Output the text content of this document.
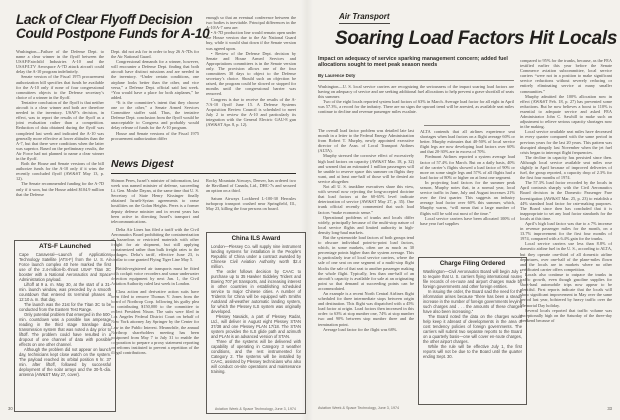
Lack of Clear Flyoff Decision
Could Postpone Funds for A-10

Washington—Failure of the Defense Dept. to name a clear winner in the flyoff between the USAF/Fairchild Industries A-10 and the USAF/LTV Aerospace A-7D attack aircraft could delay the A-10 program indefinitely.

Senate version of the Fiscal 1975 procurement authorization bill specifies that funds be available for the A-10 only if none of four congressional committees objects to the Defense secretary’s choice of a winner in the flyoff.

Tentative conclusion of the flyoff is that neither aircraft is a clear winner and both are therefore needed in the inventory. USAF’s decision, in effect, was to report the results of the flyoff as a joint evaluation rather than a competition. Reduction of data obtained during the flyoff was completed last week and indicated the A-10 was generally more effective at lower altitudes than the A-7, but that there were conditions when the latter was superior. Based on the preliminary results, the Air Force had not planned to name a clear winner in the flyoff.

Both the House and Senate versions of the bill authorize funds for the A-10 only if it wins the recently concluded flyoff (AW&ST May 13, p. 12).

The Senate recommended funding for the A-7D only if it won, but the House added $104.9 million that the Defense

Dept. did not ask for in order to buy 26 A-7Ds for the Air National Guard.

Congressional demands for a winner, however, will encounter a Defense Dept. finding that both aircraft have distinct missions and are needed in the inventory. “Under certain conditions, one airplane looks better than the other, and vice versa,” a Defense Dept. official said last week. “You would have a place for both airplanes,” he added.

“It is the committee’s intent that they choose one or the other,” a Senate Armed Services Committee staffer said. Thus, the tentative Defense Dept. conclusion from the flyoff would be unacceptable to Congress and probably would delay release of funds for the A-10 program.

House and Senate versions of the Fiscal 1975 procurement authorization differ

enough so that an eventual conference between the two bodies is inevitable. Principal differences in the A-10/A-7 area are:

• A-7D production line would remain open under the House version due to the Air National Guard buy, while it would shut down if the Senate version was agreed upon.

• Review of the Defense Dept. decision by Senate and House Armed Services and Appropriations committees is in the Senate version only. The provision allows one of the four committees 30 days to object to the Defense secretary’s choice. Should such an objection be raised, the program could be slowed or stopped for months until the congressional barrier was removed.

Congress is due to receive the results of the A-7/A-10 flyoff June 15. A Defense Systems Acquisition Review Council is scheduled to meet July 2 to review the A-10 and particularly its integration with the General Electric GAU-8 gun (AW&ST Apr. 8, p. 12).

News Digest

Shimon Peres, Israel’s minister of information, last week was named minister of defense, succeeding Lt. Gen. Moshe Dayan, at the same time that U. S. Secretary of State Henry Kissinger finally obtained Israeli-Syrian agreements to cease hostilities on the Golan Heights. Peres is a former deputy defense minister and in recent years has been active in directing Israel’s transport and telecommunications.

Delta Air Lines has filed a tariff with the Civil Aeronautics Board prohibiting the containerization of hazardous or restricted materials with other freight for air shipment, but still applying containerized rather than bulk freight rates to the packages. Delta’s tariff, effective June 23, is similar to one granted Flying Tiger Line May 5.

British-registered air transports must be fitted with cockpit voice recorders and sonar underwater detection equipment by next Jan. 1, the Civil Aviation Authority ruled last week in London.

Class action and derivative action suits have been filed to remove Thomas V. Jones from the board of Northrop Corp. following his guilty plea to contributing $150,000 to the committee to reelect President Nixon. The suits were filed in Los Angeles Federal District Court on behalf of New York attorney Jay Springer by the Center for Law in the Public Interest. Meanwhile, the annual Northrop shareholders meeting has been postponed from May 7 to July 31 to enable the corporation to prepare a proxy statement reporting on reforms instituted to prevent a repetition of the illegal contributions.

Rocky Mountain Airways, Denver, has ordered two de Havilland of Canada, Ltd., DHC-7s and secured an option on a third.

Saturn Airways Lockheed L-100-30 Hercules turboprop transport crashed near Springfield, Ill., May 23, killing the four persons on board.

ATS-F Launched

Cape Canaveral—Launch of Applications Technology Satellite (ATS-F) from the U. S. Air Force launch complex 40 here marked the first use of the 2.4-million-lb.-thrust USAF Titan 3C booster with a National Aeronautics and Space Administration payload.

Liftoff at 9 a. m. May 30, at the start of a 31-min. launch window, was preceded by a smooth countdown that entered its terminal phases at 12:10 a. m. that day.

The launch was the 21st for the Titan 3C to be conducted from the Eastern Test Range.

Only potential problem that emerged in the 500-min. countdown was a possible low amperage reading in the third stage translage data transmission system that was noted a day prior to liftoff. The problem could have resulted in a dropout of one channel of data with possible effects on one other channel.

Although the problem did not appear on launch day, technicians kept close watch on the system. The payload reached its orbital position 6 hr. 37 min. after liftoff, followed by successful deployment of the solar arrays and the 30-ft.-dia. antenna (AW&ST May 27, cover).

China ILS Award

London—Plessey Co. will supply nine instrument landing systems for installation in the People’s Republic of China under a contract awarded by Chinese Civil Aviation Authority worth $2.4 million.

The order follows decision by CAAC to purchase up to 35 Hawker Siddeley Trident and Boeing 707 jet transports, and increasing interest in other countries in establishing scheduled service to major Chinese cities. A number of Tridents for China will be equipped with Smiths Autoland all-weather automatic landing system, for which the Plessey ILS system was originally developed.

Plessey Navaids, a part of Plessey Radar, Ltd., will deliver in August eight Plessey STAN 37/38 and one Plessey PLAN 17/18. The STAN system provides the ILS glide path and azimuth and PLAN is an advanced version of STAN.

Three of the systems will be delivered with capability of operating in Category 3 weather conditions, and the rest instrumented for Category 2. The systems will be installed by CAAC, assisted by Plessey technicians who also will conduct on-site operations and maintenance training.

30	Aviation Week & Space Technology, June 3, 1974
Air Transport
Soaring Load Factors Hit Locals
Impact on adequacy of service sparking management concern; added fuel allocations sought to meet peak season needs
By Laurence Doty

Washington—U. S. local service carriers are recognizing the seriousness of the impact soaring load factors are having on adequacy of service and are seeking additional fuel allocations to help prevent a grave shortfall of seats this summer.

Two of the eight locals reported system load factors of 63% in March. Average load factor for all eight in April was 57.3%, a record for the industry. There are no signs the upward trend will be arrested, as available seat miles continue to decline and revenue passenger miles escalate.

The overall load factor problem was detailed late last month in a letter to the Federal Energy Administration from Robert T. Murphy, newly appointed executive director of the Assn. of Local Transport Airlines (ALTA).

Murphy stressed the corrosive effect of excessively high load factors on capacity (AW&ST Mar. 18, p. 32) and warned that an estimated 1 million passengers will be unable to reserve space this summer on flights they want, and at least one-half of those will be denied air service altogether.

Not all U. S. trunkline executives share this view, with several now rejecting the long-accepted doctrine that load factors at the 60-65% level indicate deterioration of service (AW&ST May 27, p. 35). One trunk official recently commented that such load factors “make economic sense.”

Operational problems of trunks and locals differ widely, principally because of the multi-stop nature of local service flights and limited authority in high-density long-haul markets.

But the systemwide load factors of both groups tend to obscure individual point-to-point load factors, which, in some markets, often are as much as 30 percentage points higher than the system average. This is particularly true of local service carriers, where the sale of one seat on one segment of a multi-stop flight blocks the sale of that seat to another passenger making the whole flight. Typically, less than one-half of an aircraft’s capacity is available for sale at an originating point so that demand at succeeding points can be accommodated.

An example is a recent North Central Airlines flight scheduled for three intermediate stops between origin and destination. This flight was dispatched with a 45% load factor at origin. Load factors then increased in this order: to 63% at stop number one, 74% at stop number two and 90% between stop number three and the termination point.

Average load factor for the flight was 68%.

ALTA contends that all airlines experience seat shortages when load factors on a flight average 60% or better. Murphy estimates that 40-50% of local service flight legs are now developing load factors over 60% and that 20-30% are in excess of 70%.

Piedmont Airlines reported a system average load factor of 57.4% for March. But on a daily basis, 40% of the carrier’s flights showed a load factor of 90% or more on some single legs and 57% of all flights had a load factor of 80% or higher on at least one segment.

In projecting load factors for the summer peak season, Murphy notes that, in a normal year, local service traffic in June, July and August increases 21% over the first quarter. This suggests an industry average load factor over 60% this summer, which, Murphy warns, “will mean that a large number of flights will be sold out most of the time.”

Local service carriers have been allocated 100% of base year fuel supplies

Charge Filing Ordered

Washington—Civil Aeronautics Board will begin July 1 to require that U. S. carriers flying international routes file records of en-route and airport charges made by foreign governments and other foreign entities.

In issuing the order, the Board said the need for the information arises because “there has been a steady increase in the number of foreign governments levying such charges and . . . the amounts of these charges have also been increasing.”

The Board noted the data on the charges would help keep it abreast of developments in the area of cost tendency policies of foreign governments. The carriers will submit two separate reports to the Board on a quarterly basis—one will cover en-route charges, the other airport charges.

While the rule will be effective July 1, the first reports will not be due to the Board until the quarter ending Sept. 30.

compared to 95% for the trunks, because, as the FEA testified earlier this year before the Senate Commerce aviation subcommittee, local service carriers “were not in a position to make significant service reductions without severely reducing or entirely eliminating service at many smaller communities.”

Murphy admitted the 100% allocation now in effect (AW&ST Feb. 18, p. 27) has prevented some reductions. But he now believes a boost to 110% is essential to adequate service and asked FEA Administrator John C. Sawhill to make such an adjustment to relieve serious capacity shortages now in the making.

Local service available seat miles have decreased in every quarter compared with the same period in previous years for the last 20 years. This pattern was disrupted abruptly last November when the jet fuel crisis began to interrupt flight frequencies.

The decline in capacity has persisted since then. Although local service available seat miles rose slightly in April because of improved deliveries of fuel, the group reported, a capacity drop of 2.3% for the first four months of 1974.

The 57.3% load factor recorded by the locals in April contrasts sharply with the Civil Aeronautics Board decision in the Domestic Passenger Fare Investigation (AW&ST Mar. 25, p. 23) to establish a 44% standard load factor for rate-making purposes. The Board since then has concluded that it is inappropriate to set any load factor standards for the locals at this time.

April’s high load factor was due to a 7% increase in revenue passenger miles for the month, on a 13.7% improvement for the first four months of 1974, compared with a 6.4% gain for the trunks.

Local service carriers use less than 8.8% of domestic airline fuel in the U. S., according to ALTA, but they operate one-third of all domestic airline departures, over one-half of the plane-miles flown and the locals are in markets where no other certificated carrier offers competition.

Locals also continue to outpace the trunks in traffic growth, even though gasoline supplies for short-haul automobile trips now appear to be plentiful. First reports indicate that the locals will show significant improvement in May over the same period last year, bolstered by heavy traffic over the Memorial Day holiday.

Several locals reported that traffic volume was exceptionally high on the Saturday of the three-day weekend because of

Aviation Week & Space Technology, June 3, 1974	33
